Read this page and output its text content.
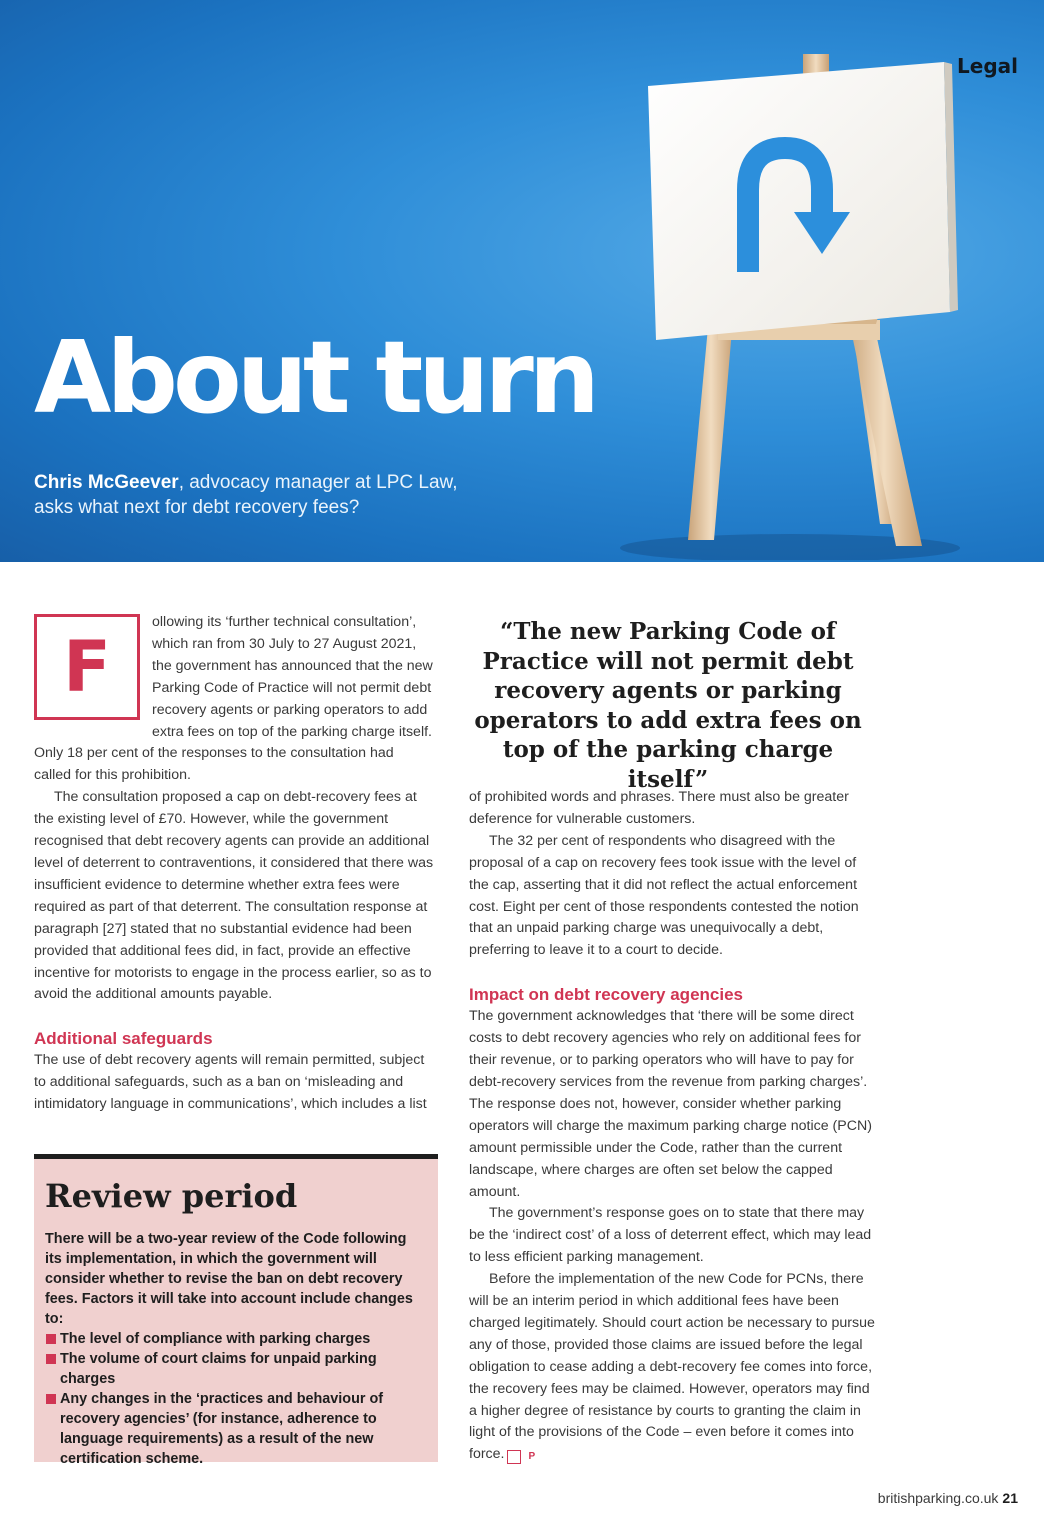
Legal
About turn
Chris McGeever, advocacy manager at LPC Law,
asks what next for debt recovery fees?
F

ollowing its ‘further technical consultation’, which ran from 30 July to 27 August 2021, the government has announced that the new Parking Code of Practice will not permit debt recovery agents or parking operators to add extra fees on top of the parking charge itself. Only 18 per cent of the responses to the consultation had called for this prohibition.

The consultation proposed a cap on debt-recovery fees at the existing level of £70. However, while the government recognised that debt recovery agents can provide an additional level of deterrent to contraventions, it considered that there was insufficient evidence to determine whether extra fees were required as part of that deterrent. The consultation response at paragraph [27] stated that no substantial evidence had been provided that additional fees did, in fact, provide an effective incentive for motorists to engage in the process earlier, so as to avoid the additional amounts payable.

Additional safeguards

The use of debt recovery agents will remain permitted, subject to additional safeguards, such as a ban on ‘misleading and intimidatory language in communications’, which includes a list

Review period

There will be a two-year review of the Code following its implementation, in which the government will consider whether to revise the ban on debt recovery fees. Factors it will take into account include changes to:

The level of compliance with parking charges
The volume of court claims for unpaid parking charges
Any changes in the ‘practices and behaviour of recovery agencies’ (for instance, adherence to language requirements) as a result of the new certification scheme.
“The new Parking Code of Practice will not permit debt recovery agents or parking operators to add extra fees on top of the parking charge itself”

of prohibited words and phrases. There must also be greater deference for vulnerable customers.

The 32 per cent of respondents who disagreed with the proposal of a cap on recovery fees took issue with the level of the cap, asserting that it did not reflect the actual enforcement cost. Eight per cent of those respondents contested the notion that an unpaid parking charge was unequivocally a debt, preferring to leave it to a court to decide.

Impact on debt recovery agencies

The government acknowledges that ‘there will be some direct costs to debt recovery agencies who rely on additional fees for their revenue, or to parking operators who will have to pay for debt-recovery services from the revenue from parking charges’. The response does not, however, consider whether parking operators will charge the maximum parking charge notice (PCN) amount permissible under the Code, rather than the current landscape, where charges are often set below the capped amount.

The government’s response goes on to state that there may be the ‘indirect cost’ of a loss of deterrent effect, which may lead to less efficient parking management.

Before the implementation of the new Code for PCNs, there will be an interim period in which additional fees have been charged legitimately. Should court action be necessary to pursue any of those, provided those claims are issued before the legal obligation to cease adding a debt-recovery fee comes into force, the recovery fees may be claimed. However, operators may find a higher degree of resistance by courts to granting the claim in light of the provisions of the Code – even before it comes into force. P

britishparking.co.uk 21
